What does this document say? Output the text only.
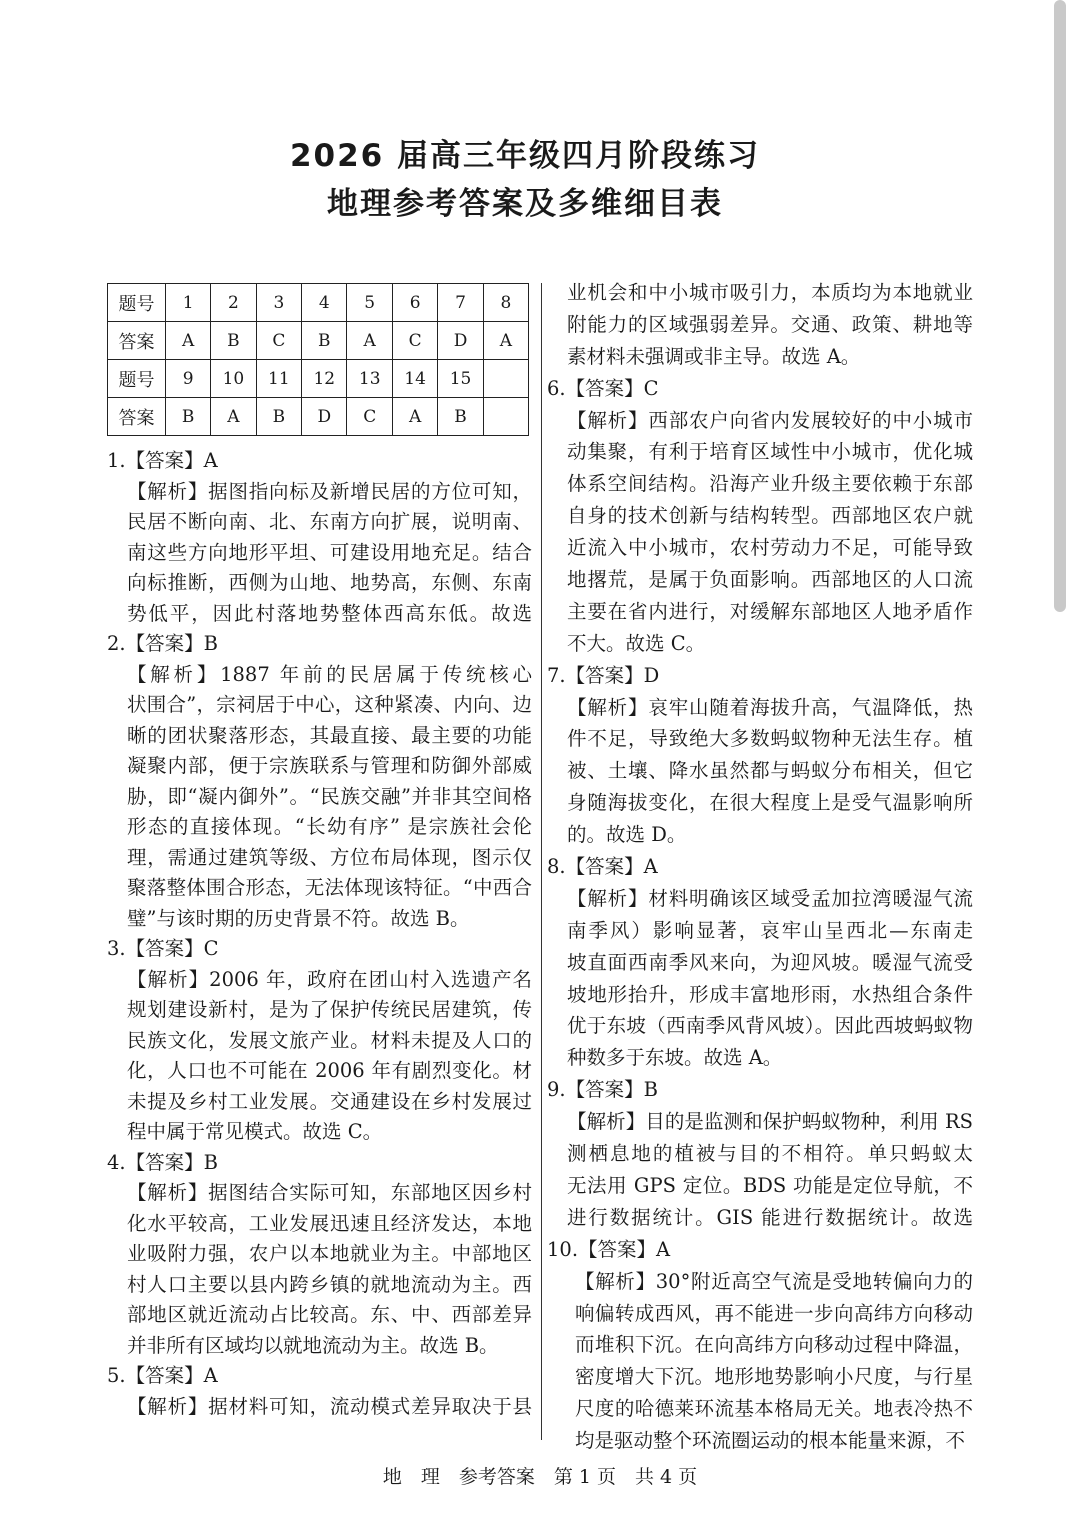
2026 届高三年级四月阶段练习
地理参考答案及多维细目表
题号	1	2	3	4	5	6	7	8
答案	A	B	C	B	A	C	D	A
题号	9	10	11	12	13	14	15	
答案	B	A	B	D	C	A	B	
1.【答案】A
【解析】据图指向标及新增民居的方位可知，
民居不断向南、北、东南方向扩展，说明南、
南这些方向地形平坦、可建设用地充足。结合
向标推断，西侧为山地、地势高，东侧、东南
势低平，因此村落地势整体西高东低。故选
2.【答案】B
【解析】1887 年前的民居属于传统核心
状围合”，宗祠居于中心，这种紧凑、内向、边
晰的团状聚落形态，其最直接、最主要的功能
凝聚内部，便于宗族联系与管理和防御外部威
胁，即“凝内御外”。“民族交融”并非其空间格
形态的直接体现。“长幼有序” 是宗族社会伦
理，需通过建筑等级、方位布局体现，图示仅
聚落整体围合形态，无法体现该特征。“中西合
璧”与该时期的历史背景不符。故选 B。
3.【答案】C
【解析】2006 年，政府在团山村入选遗产名
规划建设新村，是为了保护传统民居建筑，传
民族文化，发展文旅产业。材料未提及人口的
化，人口也不可能在 2006 年有剧烈变化。材
未提及乡村工业发展。交通建设在乡村发展过
程中属于常见模式。故选 C。
4.【答案】B
【解析】据图结合实际可知，东部地区因乡村
化水平较高，工业发展迅速且经济发达，本地
业吸附力强，农户以本地就业为主。中部地区
村人口主要以县内跨乡镇的就地流动为主。西
部地区就近流动占比较高。东、中、西部差异
并非所有区域均以就地流动为主。故选 B。
5.【答案】A
【解析】据材料可知，流动模式差异取决于县
业机会和中小城市吸引力，本质均为本地就业
附能力的区域强弱差异。交通、政策、耕地等
素材料未强调或非主导。故选 A。
6.【答案】C
【解析】西部农户向省内发展较好的中小城市
动集聚，有利于培育区域性中小城市，优化城
体系空间结构。沿海产业升级主要依赖于东部
自身的技术创新与结构转型。西部地区农户就
近流入中小城市，农村劳动力不足，可能导致
地撂荒，是属于负面影响。西部地区的人口流
主要在省内进行，对缓解东部地区人地矛盾作
不大。故选 C。
7.【答案】D
【解析】哀牢山随着海拔升高，气温降低，热
件不足，导致绝大多数蚂蚁物种无法生存。植
被、土壤、降水虽然都与蚂蚁分布相关，但它
身随海拔变化，在很大程度上是受气温影响所
的。故选 D。
8.【答案】A
【解析】材料明确该区域受孟加拉湾暖湿气流
南季风）影响显著，哀牢山呈西北—东南走
坡直面西南季风来向，为迎风坡。暖湿气流受
坡地形抬升，形成丰富地形雨，水热组合条件
优于东坡（西南季风背风坡）。因此西坡蚂蚁物
种数多于东坡。故选 A。
9.【答案】B
【解析】目的是监测和保护蚂蚁物种，利用 RS
测栖息地的植被与目的不相符。单只蚂蚁太
无法用 GPS 定位。BDS 功能是定位导航，不
进行数据统计。GIS 能进行数据统计。故选
10.【答案】A
【解析】30°附近高空气流是受地转偏向力的
响偏转成西风，再不能进一步向高纬方向移动
而堆积下沉。在向高纬方向移动过程中降温，
密度增大下沉。地形地势影响小尺度，与行星
尺度的哈德莱环流基本格局无关。地表冷热不
均是驱动整个环流圈运动的根本能量来源，不
地　理　参考答案　第 1 页　共 4 页
